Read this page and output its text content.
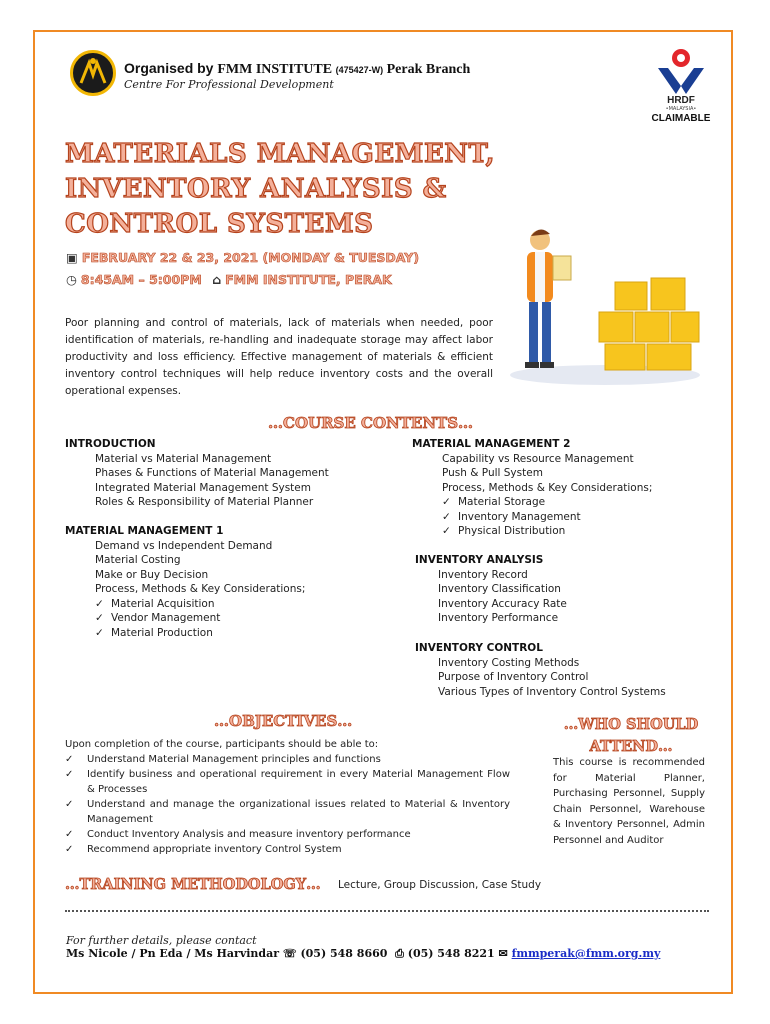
Organised by FMM INSTITUTE (475427-W) Perak Branch
Centre For Professional Development
HRDF
•MALAYSIA•
CLAIMABLE
MATERIALS MANAGEMENT,
INVENTORY ANALYSIS &
CONTROL SYSTEMS
▣ FEBRUARY 22 & 23, 2021 (MONDAY & TUESDAY)
◷ 8:45AM – 5:00PM ⌂ FMM INSTITUTE, PERAK
Poor planning and control of materials, lack of materials when needed, poor identification of materials, re-handling and inadequate storage may affect labor productivity and loss efficiency. Effective management of materials & efficient inventory control techniques will help reduce inventory costs and the overall operational expenses.
…COURSE CONTENTS…
INTRODUCTION
Material vs Material Management
Phases & Functions of Material Management
Integrated Material Management System
Roles & Responsibility of Material Planner
MATERIAL MANAGEMENT 1
Demand vs Independent Demand
Material Costing
Make or Buy Decision
Process, Methods & Key Considerations;
✓ Material Acquisition
✓ Vendor Management
✓ Material Production
MATERIAL MANAGEMENT 2
Capability vs Resource Management
Push & Pull System
Process, Methods & Key Considerations;
✓ Material Storage
✓ Inventory Management
✓ Physical Distribution
INVENTORY ANALYSIS
Inventory Record
Inventory Classification
Inventory Accuracy Rate
Inventory Performance
INVENTORY CONTROL
Inventory Costing Methods
Purpose of Inventory Control
Various Types of Inventory Control Systems
…OBJECTIVES…
Upon completion of the course, participants should be able to:
✓	Understand Material Management principles and functions
✓	Identify business and operational requirement in every Material Management Flow & Processes
✓	Understand and manage the organizational issues related to Material & Inventory Management
✓	Conduct Inventory Analysis and measure inventory performance
✓	Recommend appropriate inventory Control System
…WHO SHOULD ATTEND…
This course is recommended for Material Planner, Purchasing Personnel, Supply Chain Personnel, Warehouse & Inventory Personnel, Admin Personnel and Auditor
…TRAINING METHODOLOGY… Lecture, Group Discussion, Case Study
For further details, please contact
Ms Nicole / Pn Eda / Ms Harvindar ☏ (05) 548 8660 ⎙ (05) 548 8221 ✉ fmmperak@fmm.org.my
